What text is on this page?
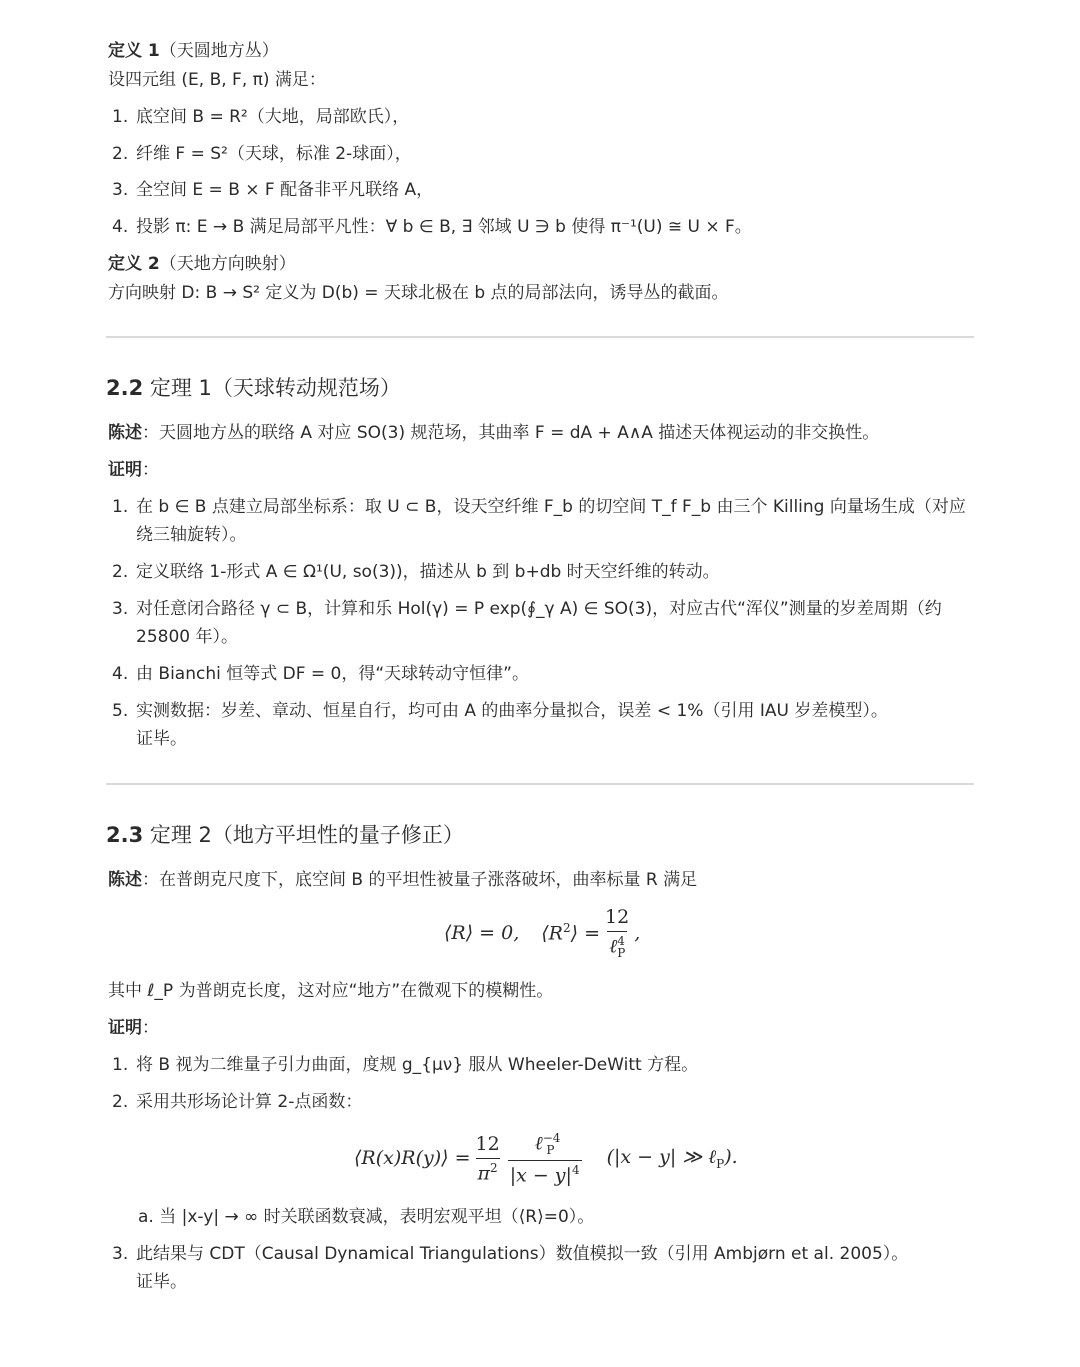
定义 1（天圆地方丛）
设四元组 (E, B, F, π) 满足：
1. 底空间 B = R²（大地，局部欧氏），
2. 纤维 F = S²（天球，标准 2-球面），
3. 全空间 E = B × F 配备非平凡联络 A，
4. 投影 π: E → B 满足局部平凡性：∀ b ∈ B, ∃ 邻域 U ∋ b 使得 π⁻¹(U) ≅ U × F。
定义 2（天地方向映射）
方向映射 D: B → S² 定义为 D(b) = 天球北极在 b 点的局部法向，诱导丛的截面。
2.2 定理 1（天球转动规范场）
陈述：天圆地方丛的联络 A 对应 SO(3) 规范场，其曲率 F = dA + A∧A 描述天体视运动的非交换性。
证明：
1. 在 b ∈ B 点建立局部坐标系：取 U ⊂ B，设天空纤维 F_b 的切空间 T_f F_b 由三个 Killing 向量场生成（对应
绕三轴旋转）。
2. 定义联络 1-形式 A ∈ Ω¹(U, so(3))，描述从 b 到 b+db 时天空纤维的转动。
3. 对任意闭合路径 γ ⊂ B，计算和乐 Hol(γ) = P exp(∮_γ A) ∈ SO(3)，对应古代“浑仪”测量的岁差周期（约
25800 年）。
4. 由 Bianchi 恒等式 DF = 0，得“天球转动守恒律”。
5. 实测数据：岁差、章动、恒星自行，均可由 A 的曲率分量拟合，误差 < 1%（引用 IAU 岁差模型）。
证毕。
2.3 定理 2（地方平坦性的量子修正）
陈述：在普朗克尺度下，底空间 B 的平坦性被量子涨落破坏，曲率标量 R 满足
⟨R⟩ = 0, $⟨R^2⟩ = \frac{12}{\ell_P^4}$ ,
其中 ℓ_P 为普朗克长度，这对应“地方”在微观下的模糊性。
证明：
1. 将 B 视为二维量子引力曲面，度规 g_{μν} 服从 Wheeler-DeWitt 方程。
2. 采用共形场论计算 2-点函数：
⟨R(x)R(y)⟩ = $\frac{12}{\pi^2} \frac{\ell^{-4}_P}{|x - y|^4} (|x - y|$ ≫ ℓ$_P$).
a. 当 |x-y| → ∞ 时关联函数衰减，表明宏观平坦（⟨R⟩=0）。
3. 此结果与 CDT（Causal Dynamical Triangulations）数值模拟一致（引用 Ambjørn et al. 2005）。
证毕。
